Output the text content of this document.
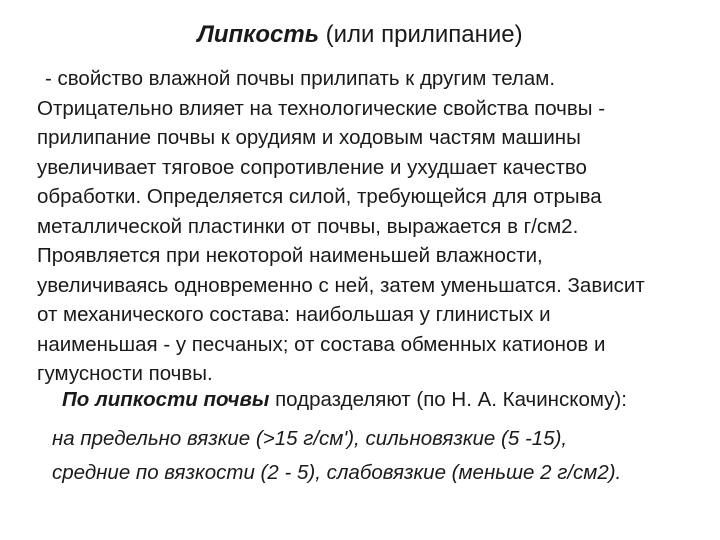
Липкость (или прилипание)
- свойство влажной почвы прилипать к другим телам.
Отрицательно влияет на технологические свойства почвы -
прилипание почвы к орудиям и ходовым частям машины
увеличивает тяговое сопротивление и ухудшает качество
обработки. Определяется силой, требующейся для отрыва
металлической пластинки от почвы, выражается в г/см2.
Проявляется при некоторой наименьшей влажности,
увеличиваясь одновременно с ней, затем уменьшатся. Зависит
от механического состава: наибольшая у глинистых и
наименьшая - у песчаных; от состава обменных катионов и
гумусности почвы.
По липкости почвы подразделяют (по Н. А. Качинскому):
на предельно вязкие (>15 г/см'), сильновязкие (5 -15),
средние по вязкости (2 - 5), слабовязкие (меньше 2 г/см2).
